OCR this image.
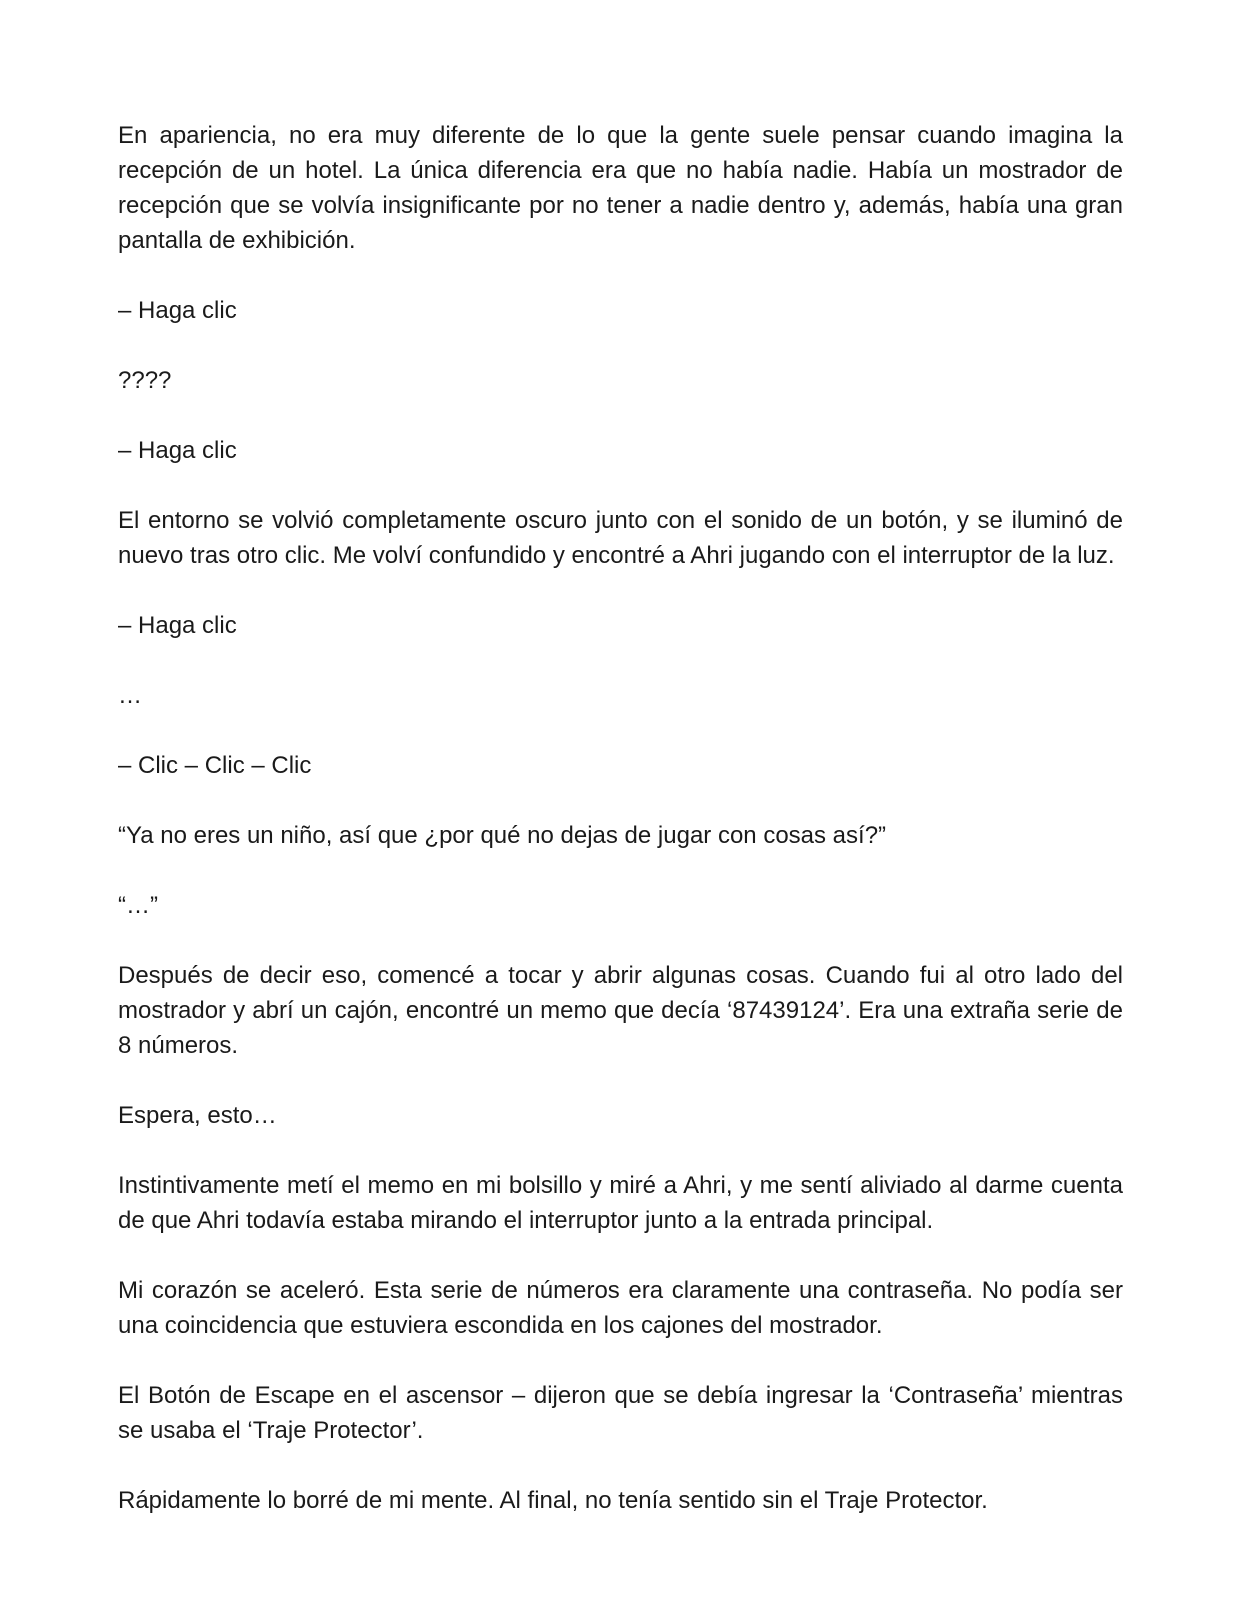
En apariencia, no era muy diferente de lo que la gente suele pensar cuando imagina la recepción de un hotel. La única diferencia era que no había nadie. Había un mostrador de recepción que se volvía insignificante por no tener a nadie dentro y, además, había una gran pantalla de exhibición.

– Haga clic

????

– Haga clic

El entorno se volvió completamente oscuro junto con el sonido de un botón, y se iluminó de nuevo tras otro clic. Me volví confundido y encontré a Ahri jugando con el interruptor de la luz.

– Haga clic

…

– Clic – Clic – Clic

“Ya no eres un niño, así que ¿por qué no dejas de jugar con cosas así?”

“…”

Después de decir eso, comencé a tocar y abrir algunas cosas. Cuando fui al otro lado del mostrador y abrí un cajón, encontré un memo que decía ‘87439124’. Era una extraña serie de 8 números.

Espera, esto…

Instintivamente metí el memo en mi bolsillo y miré a Ahri, y me sentí aliviado al darme cuenta de que Ahri todavía estaba mirando el interruptor junto a la entrada principal.

Mi corazón se aceleró. Esta serie de números era claramente una contraseña. No podía ser una coincidencia que estuviera escondida en los cajones del mostrador.

El Botón de Escape en el ascensor – dijeron que se debía ingresar la ‘Contraseña’ mientras se usaba el ‘Traje Protector’.

Rápidamente lo borré de mi mente. Al final, no tenía sentido sin el Traje Protector.
